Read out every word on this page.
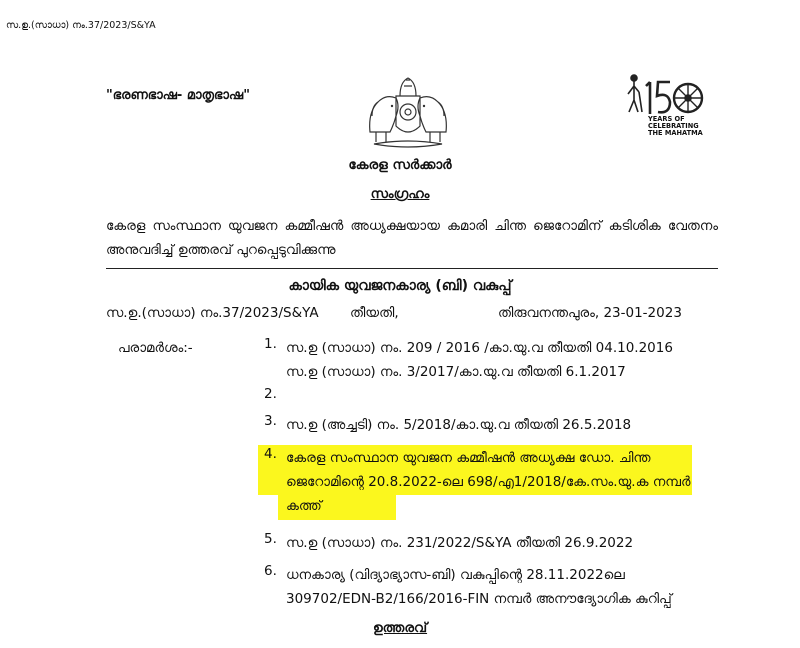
സ.ഉ.(സാധാ) നം.37/2023/S&YA
"ഭരണഭാഷ- മാതൃഭാഷ"
YEARS OF
CELEBRATING
THE MAHATMA
കേരള സർക്കാർ
സംഗ്രഹം
കേരള സംസ്ഥാന യുവജന കമ്മീഷൻ അധ്യക്ഷയായ കമാരി ചിന്ത ജെറോമിന് കടിശിക വേതനം അനുവദിച്ച് ഉത്തരവ് പുറപ്പെടുവിക്കുന്നു
കായിക യുവജനകാര്യ (ബി) വകുപ്പ്
സ.ഉ.(സാധാ) നം.37/2023/S&YA തീയതി,	തിരുവനന്തപുരം, 23-01-2023
പരാമർശം:-	1. സ.ഉ (സാധാ) നം. 209 / 2016 /കാ.യു.വ തീയതി 04.10.2016
സ.ഉ (സാധാ) നം. 3/2017/കാ.യു.വ തീയതി 6.1.2017
2.
3. സ.ഉ (അച്ചടി) നം. 5/2018/കാ.യു.വ തീയതി 26.5.2018
4. കേരള സംസ്ഥാന യുവജന കമ്മീഷൻ അധ്യക്ഷ ഡോ. ചിന്ത
ജെറോമിന്റെ 20.8.2022-ലെ 698/എ1/2018/കേ.സം.യു.ക നമ്പർ
കത്ത്
5. സ.ഉ (സാധാ) നം. 231/2022/S&YA തീയതി 26.9.2022
6. ധനകാര്യ (വിദ്യാഭ്യാസ-ബി) വകുപ്പിന്റെ 28.11.2022ലെ
309702/EDN-B2/166/2016-FIN നമ്പർ അനൗദ്യോഗിക കുറിപ്പ്
ഉത്തരവ്
